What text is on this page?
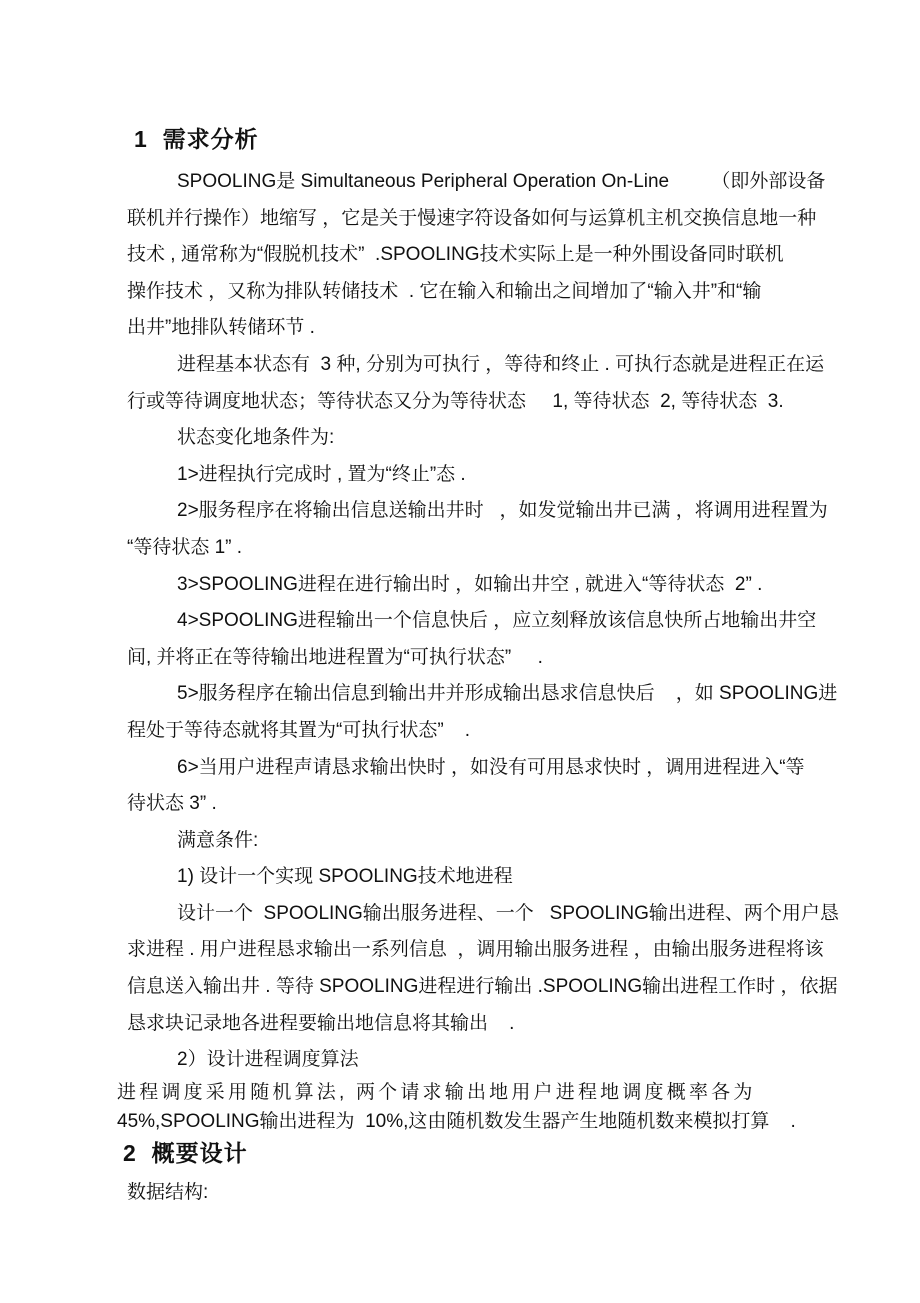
1  需求分析
SPOOLING是 Simultaneous Peripheral Operation On-Line        （即外部设备
联机并行操作）地缩写 ，它是关于慢速字符设备如何与运算机主机交换信息地一种
技术 , 通常称为“假脱机技术”  .SPOOLING技术实际上是一种外围设备同时联机
操作技术 ，又称为排队转储技术  . 它在输入和输出之间增加了“输入井”和“输
出井”地排队转储环节 .
进程基本状态有  3 种, 分别为可执行 ，等待和终止 . 可执行态就是进程正在运
行或等待调度地状态；等待状态又分为等待状态     1, 等待状态  2, 等待状态  3.
状态变化地条件为:
1>进程执行完成时 , 置为“终止”态 .
2>服务程序在将输出信息送输出井时   ，如发觉输出井已满 ，将调用进程置为
“等待状态 1” .
3>SPOOLING进程在进行输出时 ，如输出井空 , 就进入“等待状态  2” .
4>SPOOLING进程输出一个信息快后 ，应立刻释放该信息快所占地输出井空
间, 并将正在等待输出地进程置为“可执行状态”     .
5>服务程序在输出信息到输出井并形成输出恳求信息快后    ，如 SPOOLING进
程处于等待态就将其置为“可执行状态”    .
6>当用户进程声请恳求输出快时 ，如没有可用恳求快时 ，调用进程进入“等
待状态 3” .
满意条件:
1) 设计一个实现 SPOOLING技术地进程
设计一个  SPOOLING输出服务进程、一个   SPOOLING输出进程、两个用户恳
求进程 . 用户进程恳求输出一系列信息  ，调用输出服务进程 ，由输出服务进程将该
信息送入输出井 . 等待 SPOOLING进程进行输出 .SPOOLING输出进程工作时 ，依据
恳求块记录地各进程要输出地信息将其输出    .
2）设计进程调度算法
进程调度采用随机算法, 两个请求输出地用户进程地调度概率各为
45%,SPOOLING输出进程为  10%,这由随机数发生器产生地随机数来模拟打算    .
2  概要设计
数据结构:
